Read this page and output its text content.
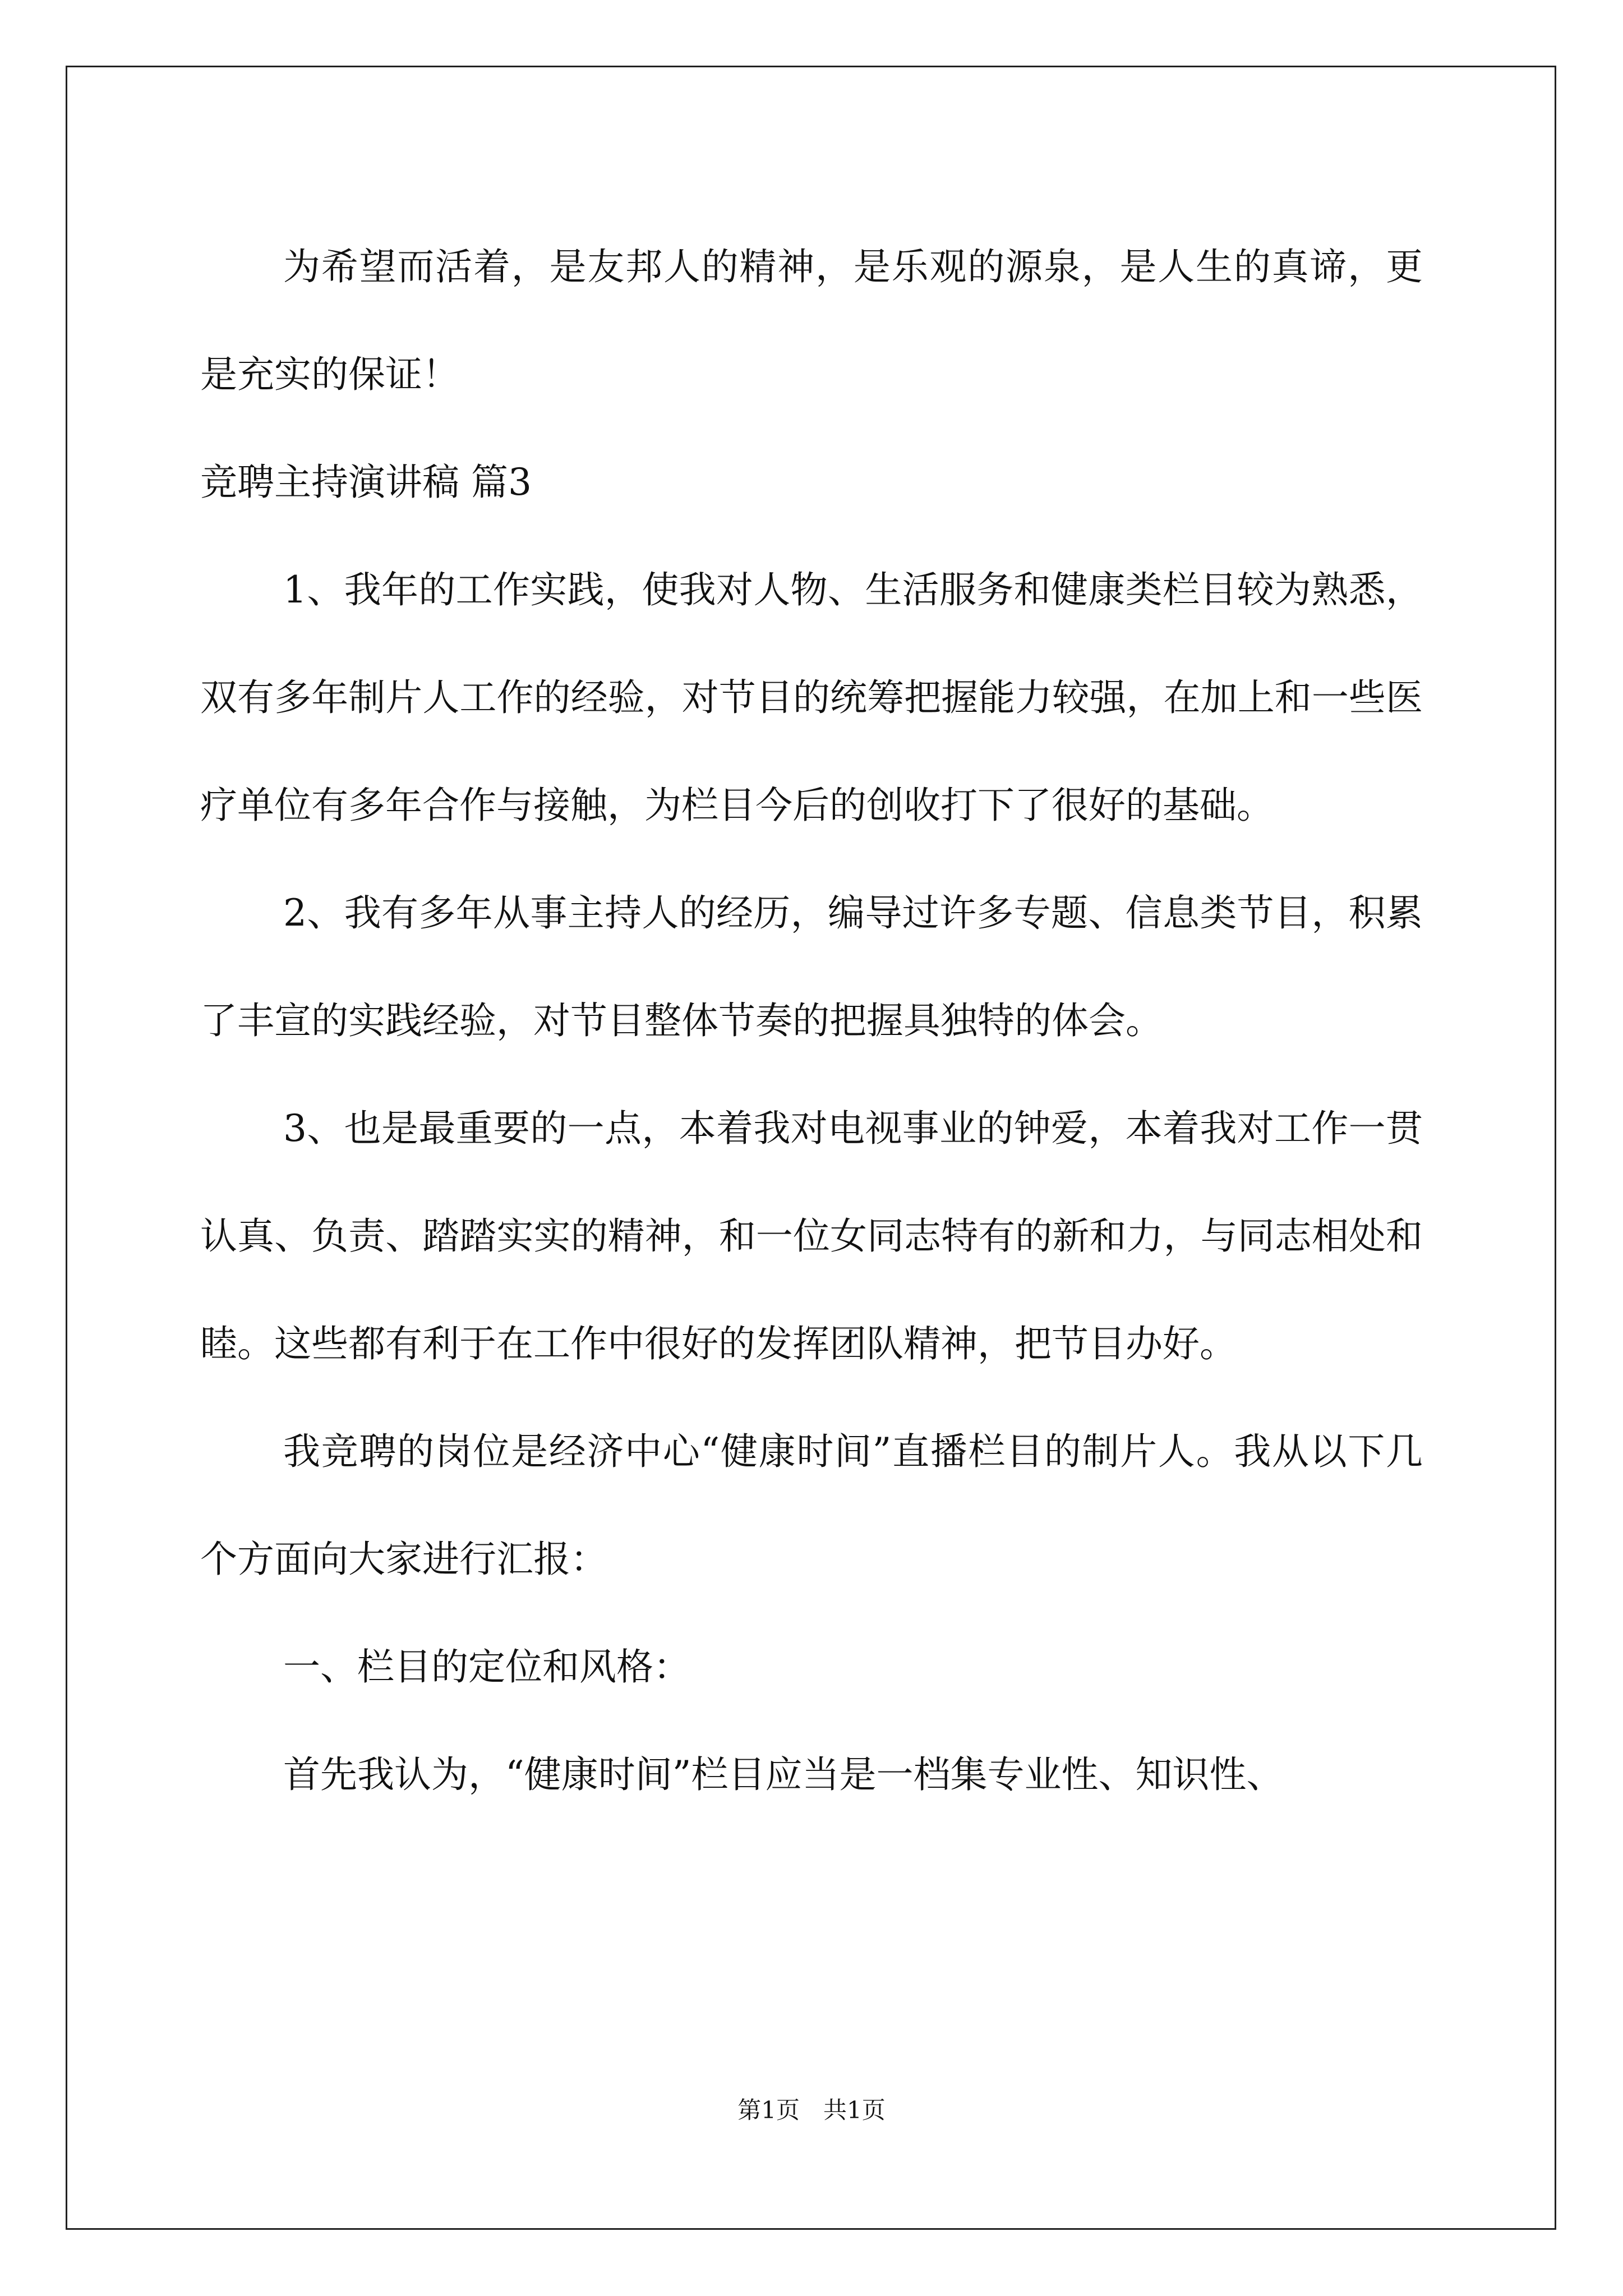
为希望而活着，是友邦人的精神，是乐观的源泉，是人生的真谛，更是充实的保证！

竞聘主持演讲稿 篇3

1、我年的工作实践，使我对人物、生活服务和健康类栏目较为熟悉，双有多年制片人工作的经验，对节目的统筹把握能力较强，在加上和一些医疗单位有多年合作与接触，为栏目今后的创收打下了很好的基础。

2、我有多年从事主持人的经历，编导过许多专题、信息类节目，积累了丰宣的实践经验，对节目整体节奏的把握具独特的体会。

3、也是最重要的一点，本着我对电视事业的钟爱，本着我对工作一贯认真、负责、踏踏实实的精神，和一位女同志特有的新和力，与同志相处和睦。这些都有利于在工作中很好的发挥团队精神，把节目办好。

我竞聘的岗位是经济中心“健康时间”直播栏目的制片人。我从以下几个方面向大家进行汇报：

一、栏目的定位和风格：

首先我认为，“健康时间”栏目应当是一档集专业性、知识性、

第1页　共1页
